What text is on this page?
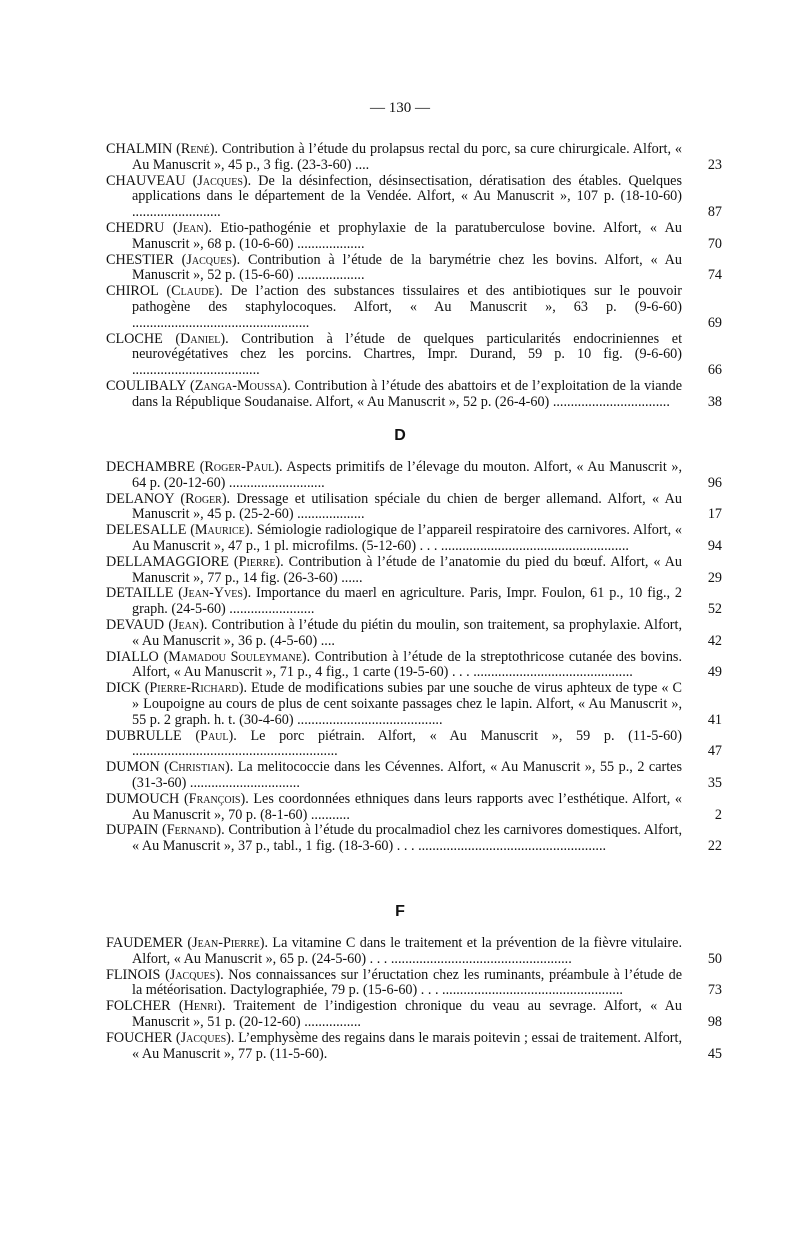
— 130 —
CHALMIN (René). Contribution à l’étude du prolapsus rectal du porc, sa cure chirurgicale. Alfort, « Au Manuscrit », 45 p., 3 fig. (23-3-60) ....	23
CHAUVEAU (Jacques). De la désinfection, désinsectisation, dératisation des étables. Quelques applications dans le département de la Vendée. Alfort, « Au Manuscrit », 107 p. (18-10-60) .........................	87
CHEDRU (Jean). Etio-pathogénie et prophylaxie de la paratuberculose bovine. Alfort, « Au Manuscrit », 68 p. (10-6-60) ...................	70
CHESTIER (Jacques). Contribution à l’étude de la barymétrie chez les bovins. Alfort, « Au Manuscrit », 52 p. (15-6-60) ...................	74
CHIROL (Claude). De l’action des substances tissulaires et des antibiotiques sur le pouvoir pathogène des staphylocoques. Alfort, « Au Manuscrit », 63 p. (9-6-60) ..................................................	69
CLOCHE (Daniel). Contribution à l’étude de quelques particularités endocriniennes et neurovégétatives chez les porcins. Chartres, Impr. Durand, 59 p. 10 fig. (9-6-60) ....................................	66
COULIBALY (Zanga-Moussa). Contribution à l’étude des abattoirs et de l’exploitation de la viande dans la République Soudanaise. Alfort, « Au Manuscrit », 52 p. (26-4-60) .................................	38
D
DECHAMBRE (Roger-Paul). Aspects primitifs de l’élevage du mouton. Alfort, « Au Manuscrit », 64 p. (20-12-60) ...........................	96
DELANOY (Roger). Dressage et utilisation spéciale du chien de berger allemand. Alfort, « Au Manuscrit », 45 p. (25-2-60) ...................	17
DELESALLE (Maurice). Sémiologie radiologique de l’appareil respiratoire des carnivores. Alfort, « Au Manuscrit », 47 p., 1 pl. microfilms. (5-12-60) . . . .....................................................	94
DELLAMAGGIORE (Pierre). Contribution à l’étude de l’anatomie du pied du bœuf. Alfort, « Au Manuscrit », 77 p., 14 fig. (26-3-60) ......	29
DETAILLE (Jean-Yves). Importance du maerl en agriculture. Paris, Impr. Foulon, 61 p., 10 fig., 2 graph. (24-5-60) ........................	52
DEVAUD (Jean). Contribution à l’étude du piétin du moulin, son traitement, sa prophylaxie. Alfort, « Au Manuscrit », 36 p. (4-5-60) ....	42
DIALLO (Mamadou Souleymane). Contribution à l’étude de la streptothricose cutanée des bovins. Alfort, « Au Manuscrit », 71 p., 4 fig., 1 carte (19-5-60) . . . .............................................	49
DICK (Pierre-Richard). Etude de modifications subies par une souche de virus aphteux de type « C » Loupoigne au cours de plus de cent soixante passages chez le lapin. Alfort, « Au Manuscrit », 55 p. 2 graph. h. t. (30-4-60) .........................................	41
DUBRULLE (Paul). Le porc piétrain. Alfort, « Au Manuscrit », 59 p. (11-5-60) ..........................................................	47
DUMON (Christian). La melitococcie dans les Cévennes. Alfort, « Au Manuscrit », 55 p., 2 cartes (31-3-60) ...............................	35
DUMOUCH (François). Les coordonnées ethniques dans leurs rapports avec l’esthétique. Alfort, « Au Manuscrit », 70 p. (8-1-60) ...........	2
DUPAIN (Fernand). Contribution à l’étude du procalmadiol chez les carnivores domestiques. Alfort, « Au Manuscrit », 37 p., tabl., 1 fig. (18-3-60) . . . .....................................................	22
F
FAUDEMER (Jean-Pierre). La vitamine C dans le traitement et la prévention de la fièvre vitulaire. Alfort, « Au Manuscrit », 65 p. (24-5-60) . . . ...................................................	50
FLINOIS (Jacques). Nos connaissances sur l’éructation chez les ruminants, préambule à l’étude de la météorisation. Dactylographiée, 79 p. (15-6-60) . . . ...................................................	73
FOLCHER (Henri). Traitement de l’indigestion chronique du veau au sevrage. Alfort, « Au Manuscrit », 51 p. (20-12-60) ................	98
FOUCHER (Jacques). L’emphysème des regains dans le marais poitevin ; essai de traitement. Alfort, « Au Manuscrit », 77 p. (11-5-60).	45
